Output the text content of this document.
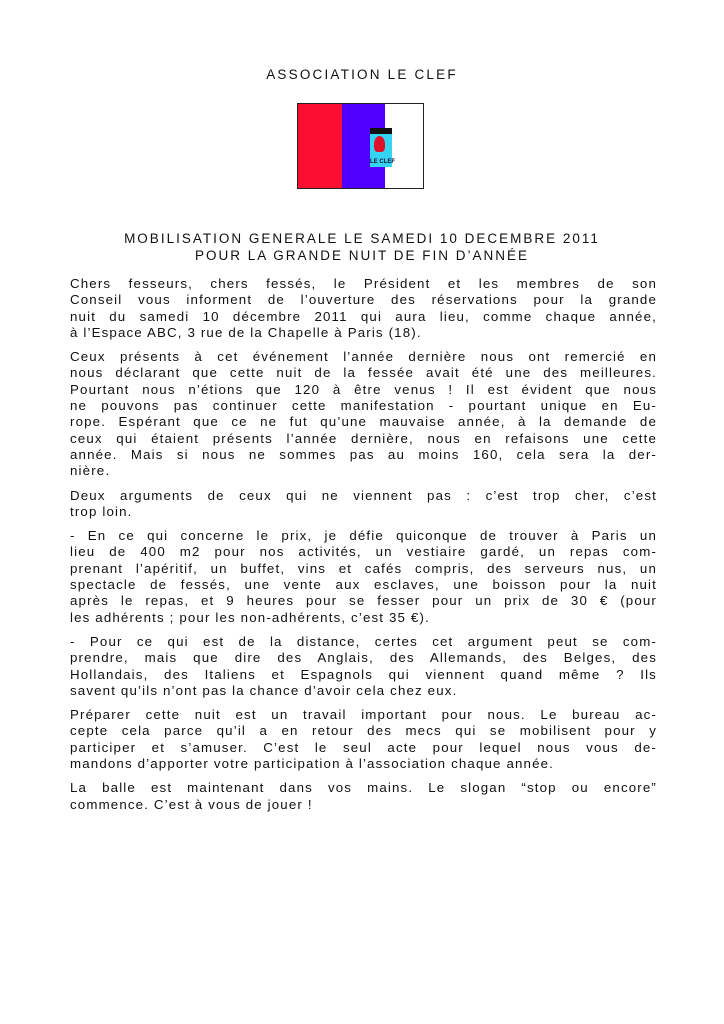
ASSOCIATION LE CLEF
LE CLEF
MOBILISATION GENERALE LE SAMEDI 10 DECEMBRE 2011
POUR LA GRANDE NUIT DE FIN D’ANNÉE
Chers fesseurs, chers fessés, le Président et les membres de son
Conseil vous informent de l’ouverture des réservations pour la grande
nuit du samedi 10 décembre 2011 qui aura lieu, comme chaque année,
à l’Espace ABC, 3 rue de la Chapelle à Paris (18).
Ceux présents à cet événement l’année dernière nous ont remercié en
nous déclarant que cette nuit de la fessée avait été une des meilleures.
Pourtant nous n’étions que 120 à être venus ! Il est évident que nous
ne pouvons pas continuer cette manifestation - pourtant unique en Eu-
rope. Espérant que ce ne fut qu’une mauvaise année, à la demande de
ceux qui étaient présents l’année dernière, nous en refaisons une cette
année. Mais si nous ne sommes pas au moins 160, cela sera la der-
nière.
Deux arguments de ceux qui ne viennent pas : c’est trop cher, c’est
trop loin.
- En ce qui concerne le prix, je défie quiconque de trouver à Paris un
lieu de 400 m2 pour nos activités, un vestiaire gardé, un repas com-
prenant l’apéritif, un buffet, vins et cafés compris, des serveurs nus, un
spectacle de fessés, une vente aux esclaves, une boisson pour la nuit
après le repas, et 9 heures pour se fesser pour un prix de 30 € (pour
les adhérents ; pour les non-adhérents, c’est 35 €).
- Pour ce qui est de la distance, certes cet argument peut se com-
prendre, mais que dire des Anglais, des Allemands, des Belges, des
Hollandais, des Italiens et Espagnols qui viennent quand même ? Ils
savent qu’ils n’ont pas la chance d’avoir cela chez eux.
Préparer cette nuit est un travail important pour nous. Le bureau ac-
cepte cela parce qu’il a en retour des mecs qui se mobilisent pour y
participer et s’amuser. C’est le seul acte pour lequel nous vous de-
mandons d’apporter votre participation à l’association chaque année.
La balle est maintenant dans vos mains. Le slogan “stop ou encore”
commence. C’est à vous de jouer !
